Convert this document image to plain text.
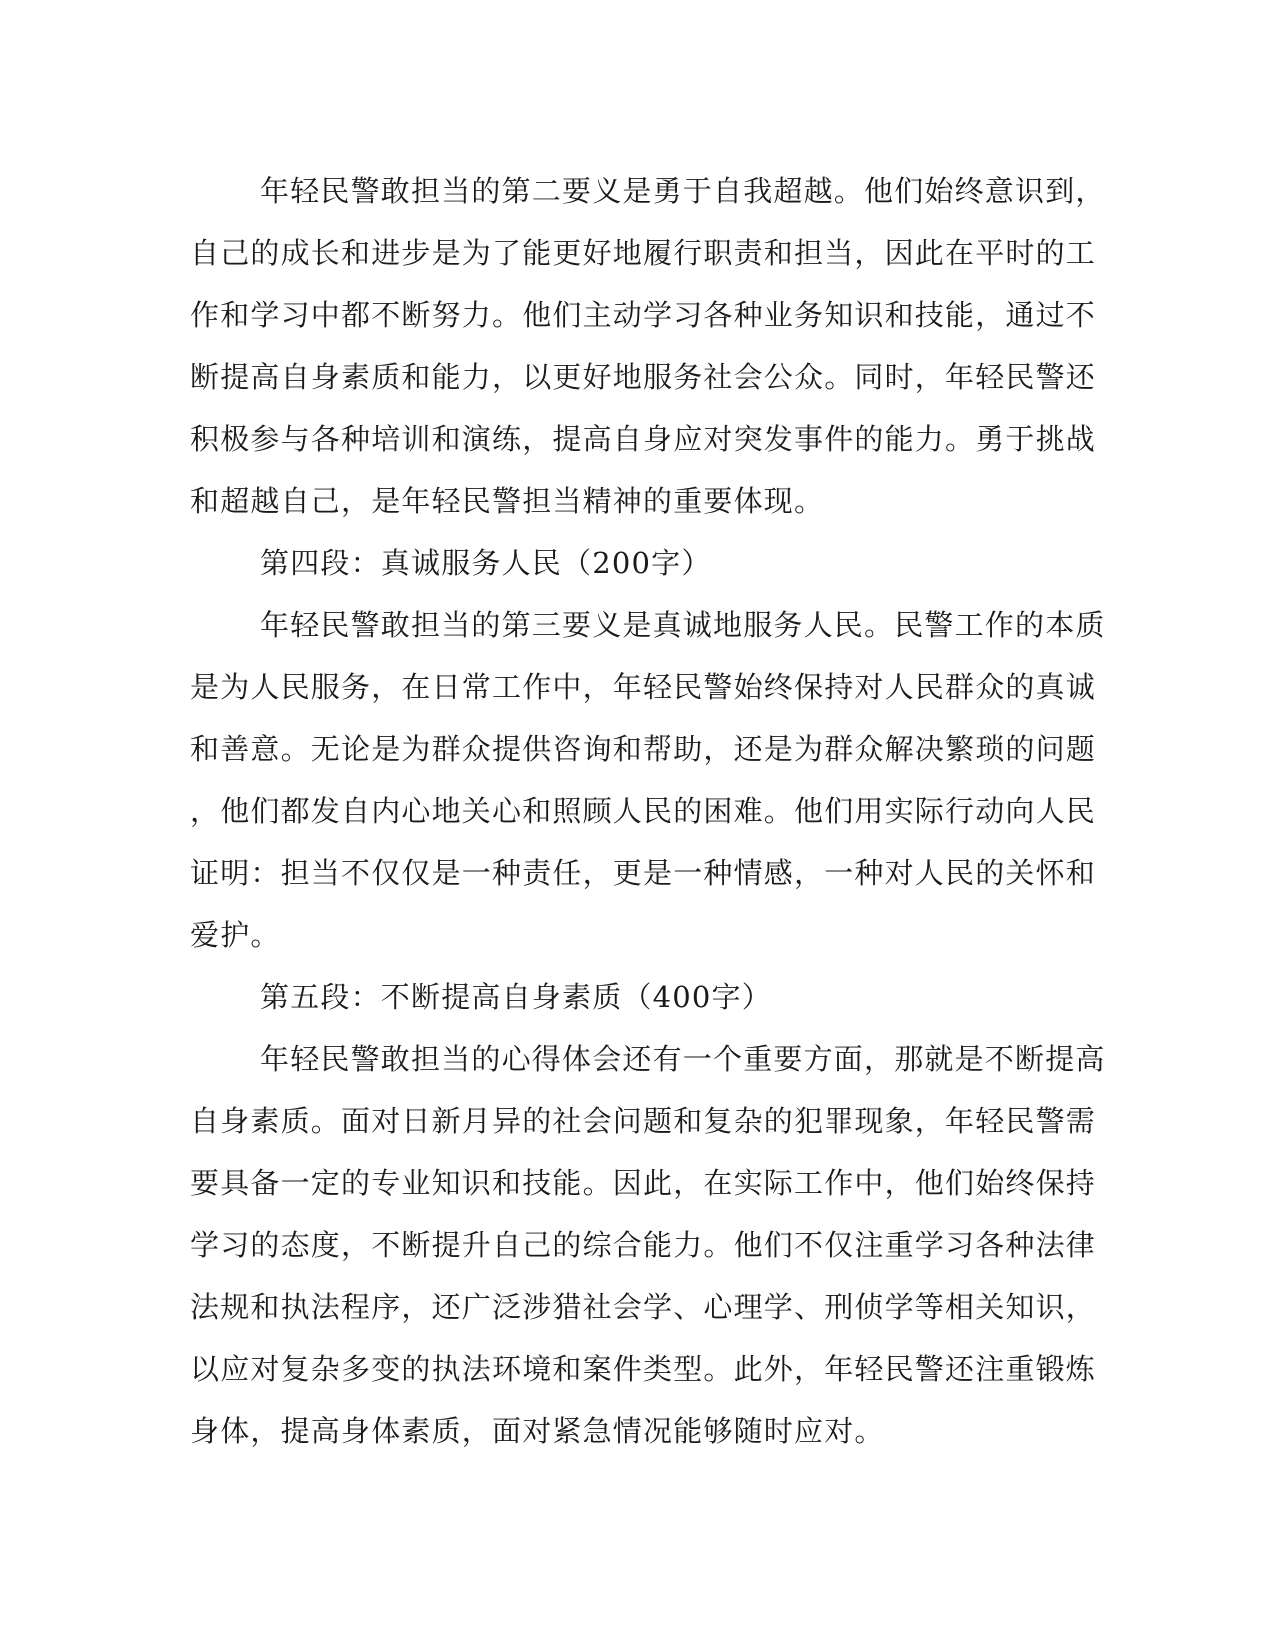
年轻民警敢担当的第二要义是勇于自我超越。他们始终意识到，
自己的成长和进步是为了能更好地履行职责和担当，因此在平时的工
作和学习中都不断努力。他们主动学习各种业务知识和技能，通过不
断提高自身素质和能力，以更好地服务社会公众。同时，年轻民警还
积极参与各种培训和演练，提高自身应对突发事件的能力。勇于挑战
和超越自己，是年轻民警担当精神的重要体现。
第四段：真诚服务人民（200字）
年轻民警敢担当的第三要义是真诚地服务人民。民警工作的本质
是为人民服务，在日常工作中，年轻民警始终保持对人民群众的真诚
和善意。无论是为群众提供咨询和帮助，还是为群众解决繁琐的问题
，他们都发自内心地关心和照顾人民的困难。他们用实际行动向人民
证明：担当不仅仅是一种责任，更是一种情感，一种对人民的关怀和
爱护。
第五段：不断提高自身素质（400字）
年轻民警敢担当的心得体会还有一个重要方面，那就是不断提高
自身素质。面对日新月异的社会问题和复杂的犯罪现象，年轻民警需
要具备一定的专业知识和技能。因此，在实际工作中，他们始终保持
学习的态度，不断提升自己的综合能力。他们不仅注重学习各种法律
法规和执法程序，还广泛涉猎社会学、心理学、刑侦学等相关知识，
以应对复杂多变的执法环境和案件类型。此外，年轻民警还注重锻炼
身体，提高身体素质，面对紧急情况能够随时应对。
